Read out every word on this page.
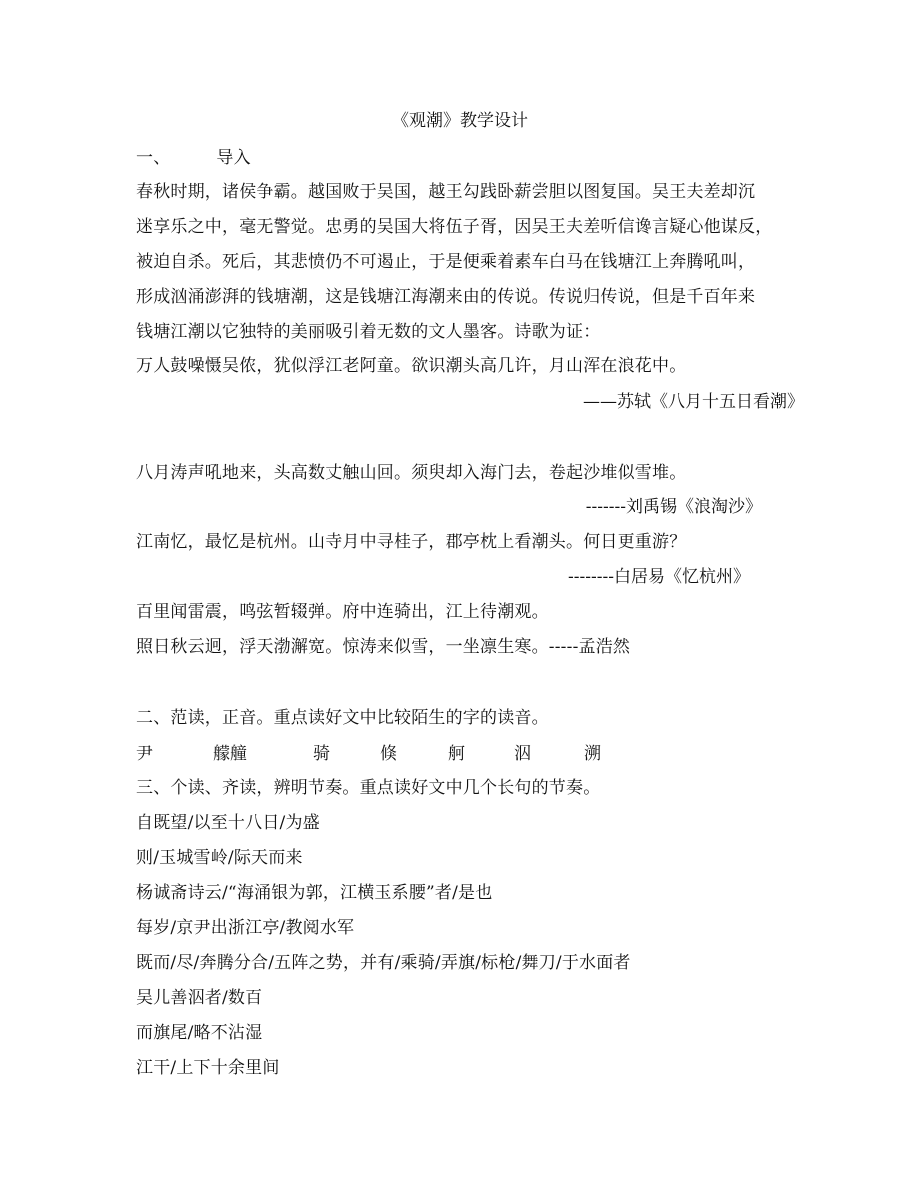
《观潮》教学设计
一、	导入
春秋时期，诸侯争霸。越国败于吴国，越王勾践卧薪尝胆以图复国。吴王夫差却沉
迷享乐之中，毫无警觉。忠勇的吴国大将伍子胥，因吴王夫差听信谗言疑心他谋反，
被迫自杀。死后，其悲愤仍不可遏止，于是便乘着素车白马在钱塘江上奔腾吼叫，
形成汹涌澎湃的钱塘潮，这是钱塘江海潮来由的传说。传说归传说，但是千百年来
钱塘江潮以它独特的美丽吸引着无数的文人墨客。诗歌为证：
万人鼓噪慑吴侬，犹似浮江老阿童。欲识潮头高几许，月山浑在浪花中。
——苏轼《八月十五日看潮》
八月涛声吼地来，头高数丈触山回。须臾却入海门去，卷起沙堆似雪堆。
-------刘禹锡《浪淘沙》
江南忆，最忆是杭州。山寺月中寻桂子，郡亭枕上看潮头。何日更重游？
--------白居易《忆杭州》
百里闻雷震，鸣弦暂辍弹。府中连骑出，江上待潮观。
照日秋云迥，浮天渤澥宽。惊涛来似雪，一坐凛生寒。-----孟浩然
二、范读，正音。重点读好文中比较陌生的字的读音。
尹	艨艟	骑	倏	舸	泅	溯
三、个读、齐读，辨明节奏。重点读好文中几个长句的节奏。
自既望/以至十八日/为盛
则/玉城雪岭/际天而来
杨诚斋诗云/“海涌银为郭，江横玉系腰”者/是也
每岁/京尹出浙江亭/教阅水军
既而/尽/奔腾分合/五阵之势，并有/乘骑/弄旗/标枪/舞刀/于水面者
吴儿善泅者/数百
而旗尾/略不沾湿
江干/上下十余里间
